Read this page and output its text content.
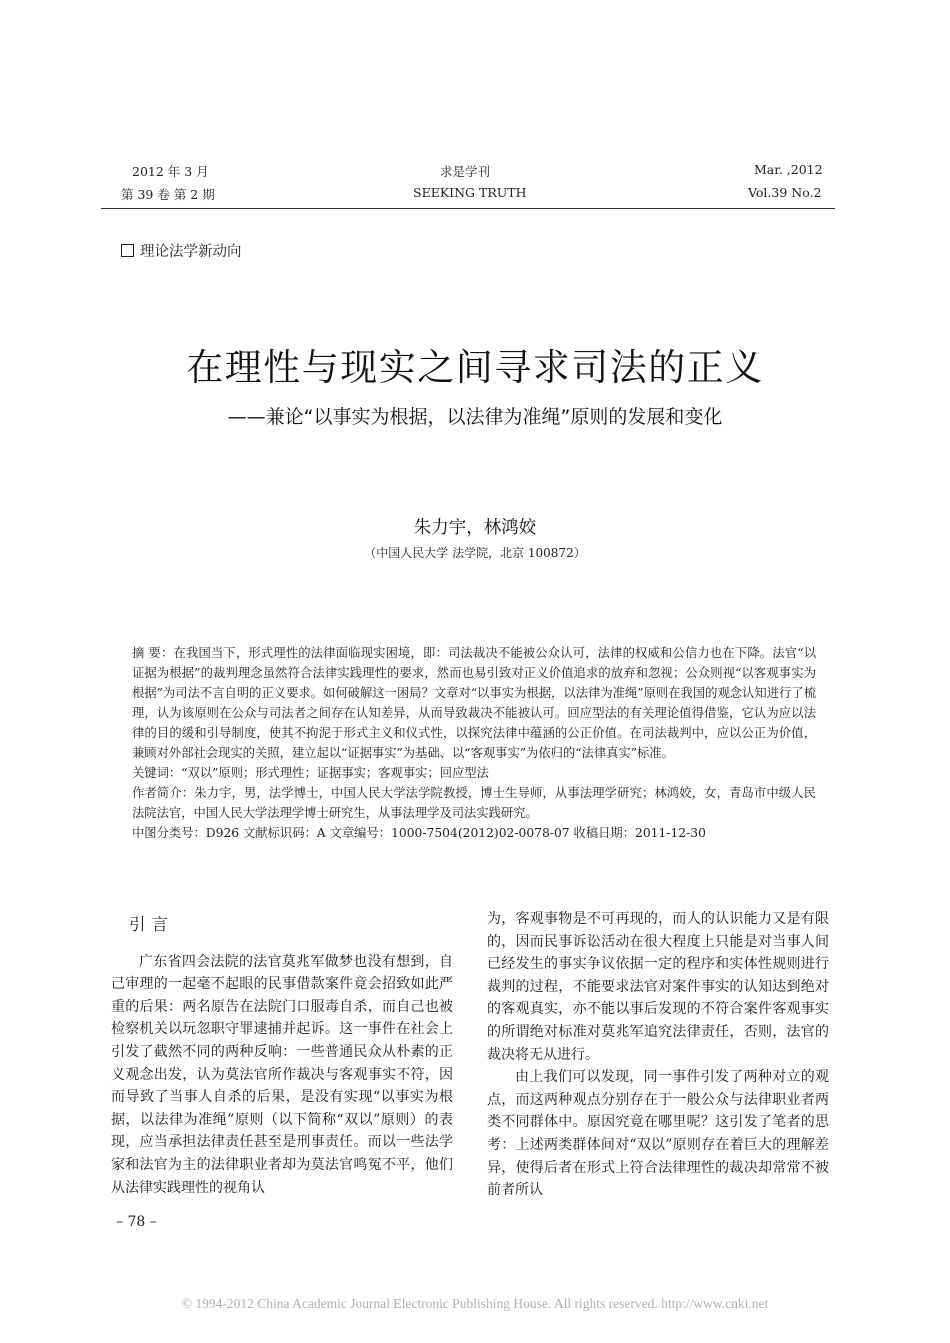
2012 年 3 月
第 39 卷 第 2 期
求是学刊
SEEKING TRUTH
Mar. ,2012
Vol.39 No.2
理论法学新动向
在理性与现实之间寻求司法的正义
——兼论“以事实为根据，以法律为准绳”原则的发展和变化
朱力宇，林鸿姣
（中国人民大学 法学院，北京 100872）

摘 要：在我国当下，形式理性的法律面临现实困境，即：司法裁决不能被公众认可，法律的权威和公信力也在下降。法官“以证据为根据”的裁判理念虽然符合法律实践理性的要求，然而也易引致对正义价值追求的放弃和忽视；公众则视“以客观事实为根据”为司法不言自明的正义要求。如何破解这一困局？文章对“以事实为根据，以法律为准绳”原则在我国的观念认知进行了梳理，认为该原则在公众与司法者之间存在认知差异，从而导致裁决不能被认可。回应型法的有关理论值得借鉴，它认为应以法律的目的缓和引导制度，使其不拘泥于形式主义和仪式性，以探究法律中蕴涵的公正价值。在司法裁判中，应以公正为价值，兼顾对外部社会现实的关照，建立起以“证据事实”为基础、以“客观事实”为依归的“法律真实”标准。

关键词：“双以”原则；形式理性；证据事实；客观事实；回应型法

作者简介：朱力宇，男，法学博士，中国人民大学法学院教授，博士生导师，从事法理学研究；林鸿姣，女，青岛市中级人民法院法官，中国人民大学法理学博士研究生，从事法理学及司法实践研究。

中图分类号：D926 文献标识码：A 文章编号：1000-7504(2012)02-0078-07 收稿日期：2011-12-30

引言

广东省四会法院的法官莫兆军做梦也没有想到，自己审理的一起毫不起眼的民事借款案件竟会招致如此严重的后果：两名原告在法院门口服毒自杀，而自己也被检察机关以玩忽职守罪逮捕并起诉。这一事件在社会上引发了截然不同的两种反响：一些普通民众从朴素的正义观念出发，认为莫法官所作裁决与客观事实不符，因而导致了当事人自杀的后果，是没有实现“以事实为根据，以法律为准绳”原则（以下简称“双以”原则）的表现，应当承担法律责任甚至是刑事责任。而以一些法学家和法官为主的法律职业者却为莫法官鸣冤不平，他们从法律实践理性的视角认

为，客观事物是不可再现的，而人的认识能力又是有限的，因而民事诉讼活动在很大程度上只能是对当事人间已经发生的事实争议依据一定的程序和实体性规则进行裁判的过程，不能要求法官对案件事实的认知达到绝对的客观真实，亦不能以事后发现的不符合案件客观事实的所谓绝对标准对莫兆军追究法律责任，否则，法官的裁决将无从进行。

由上我们可以发现，同一事件引发了两种对立的观点，而这两种观点分别存在于一般公众与法律职业者两类不同群体中。原因究竟在哪里呢？这引发了笔者的思考：上述两类群体间对“双以”原则存在着巨大的理解差异，使得后者在形式上符合法律理性的裁决却常常不被前者所认

– 78 –
© 1994-2012 China Academic Journal Electronic Publishing House. All rights reserved. http://www.cnki.net
